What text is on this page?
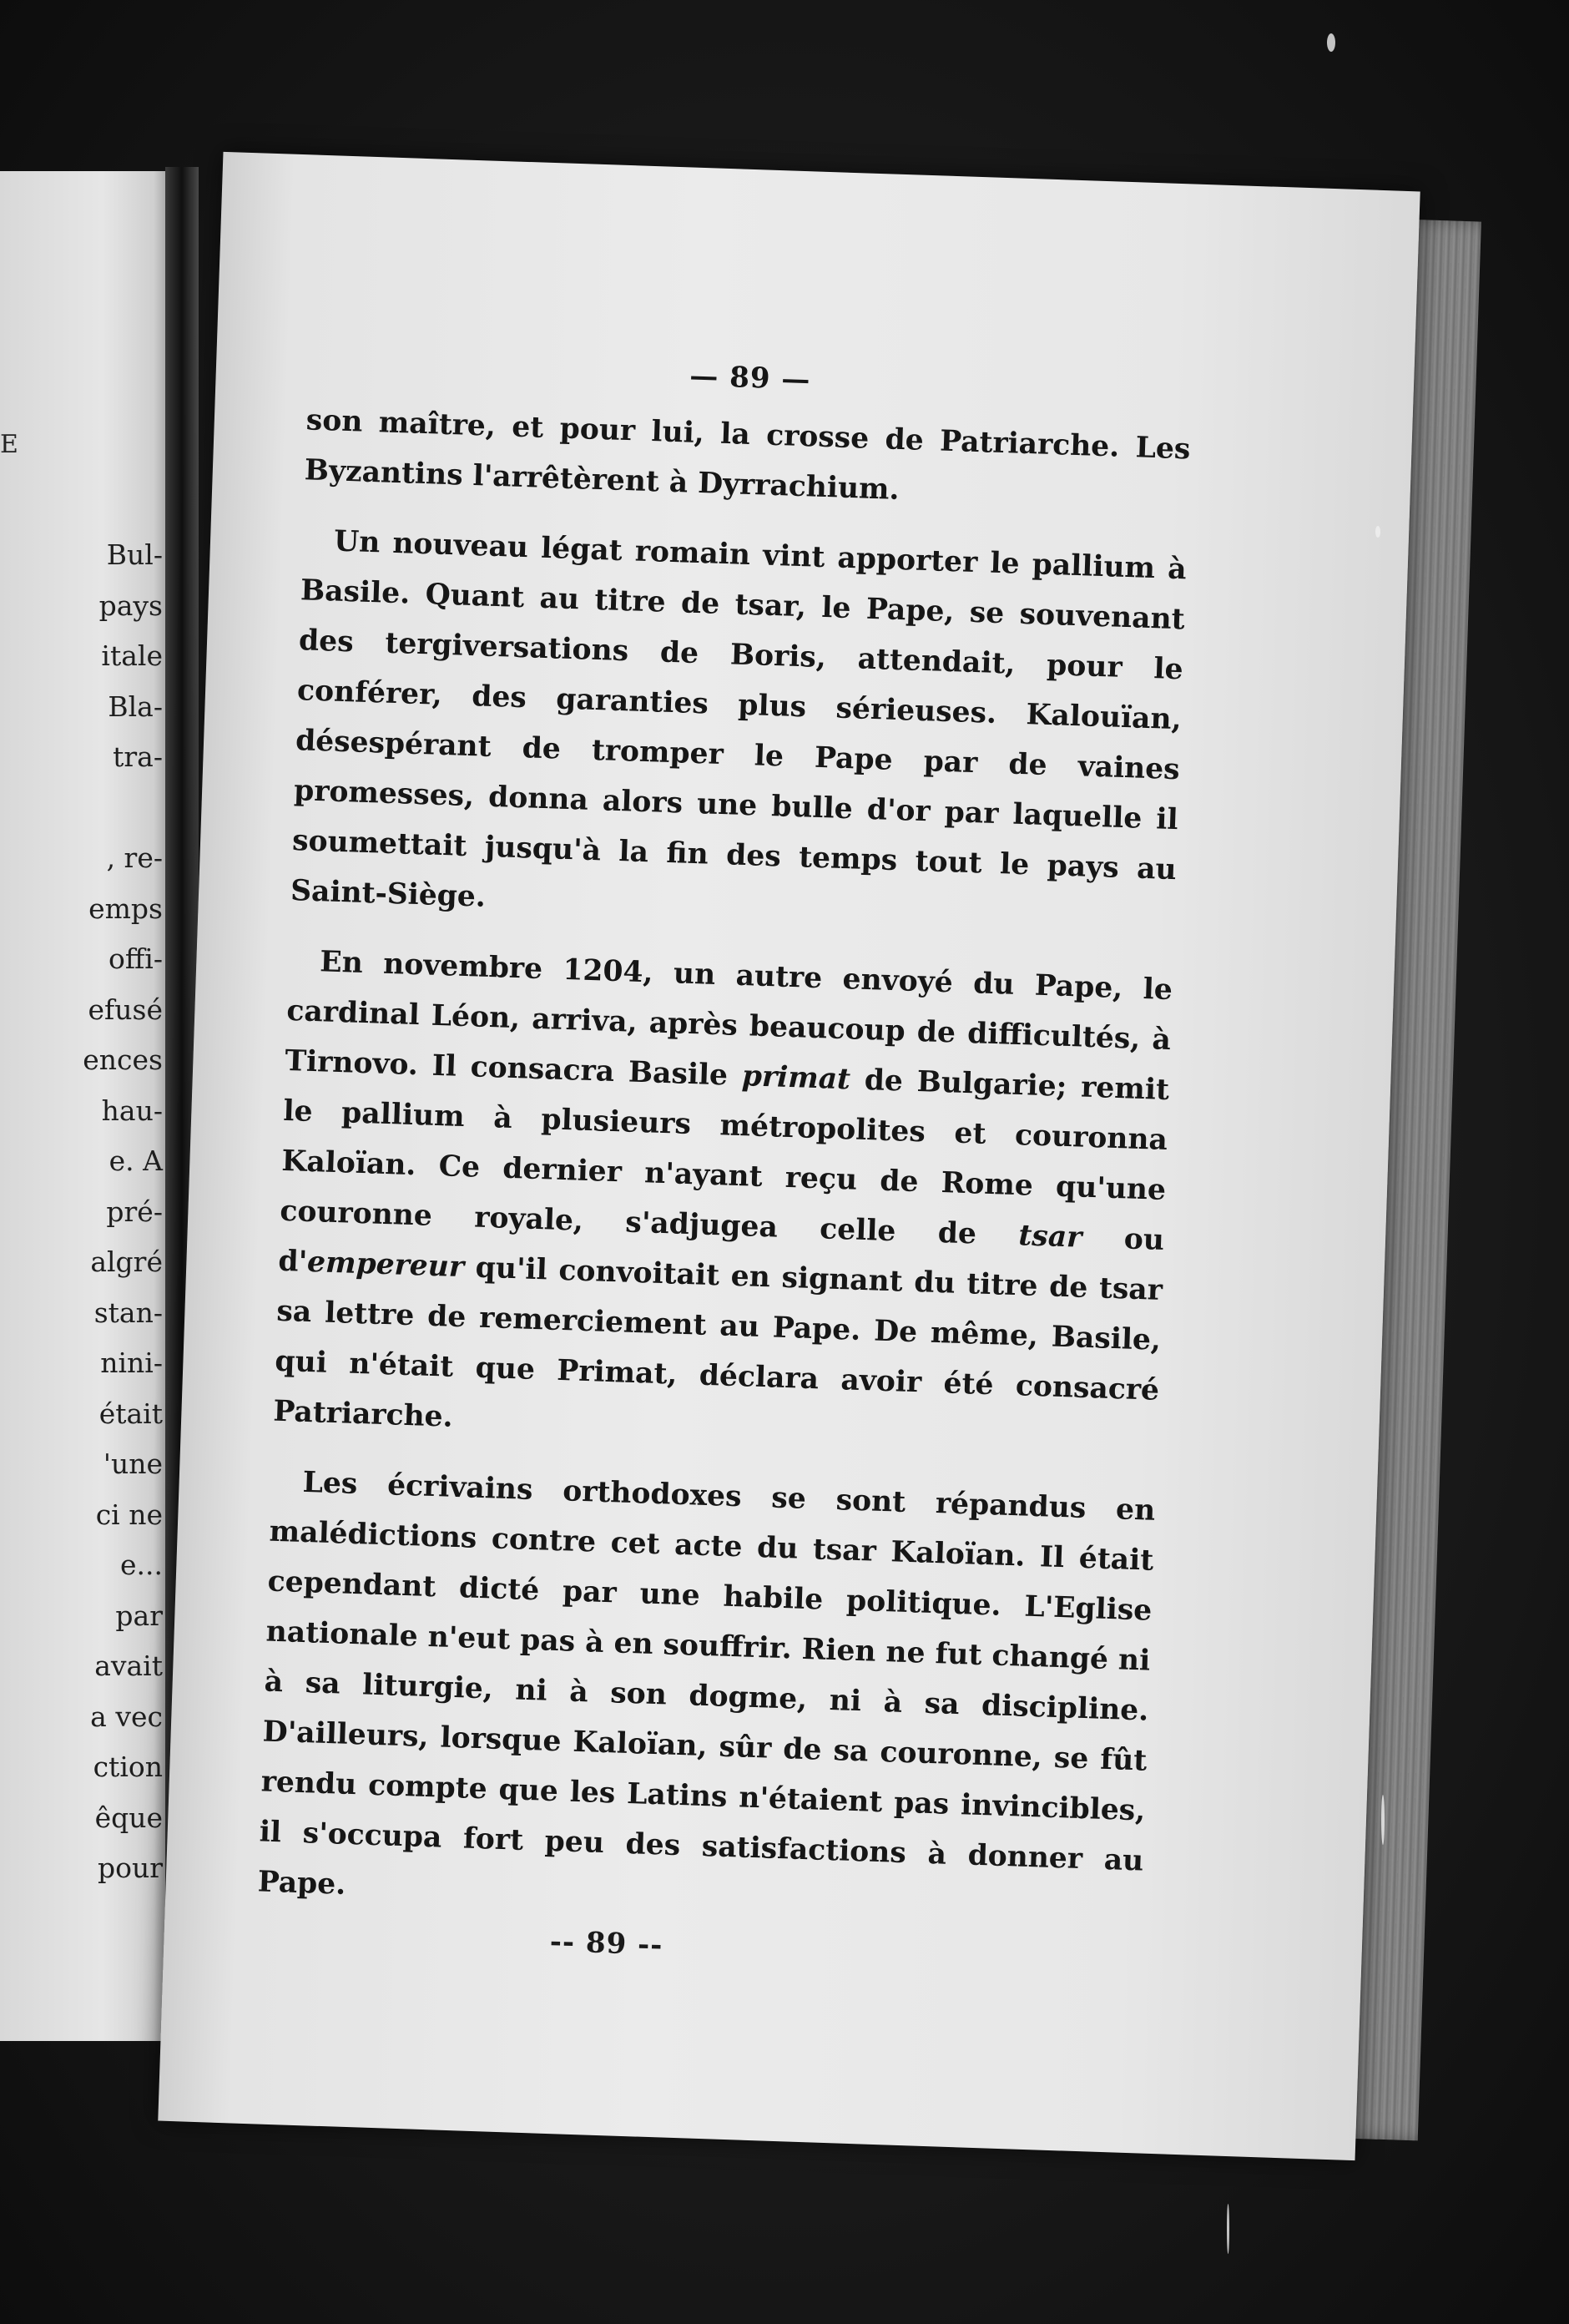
E
Bul-
pays
itale
Bla-
tra-

, re-
emps
offi-
efusé
ences
hau-
e. A
pré-
algré
stan-
nini-
était
'une
ci ne
e...
par
avait
a vec
ction
êque
pour
— 89 —

son maître, et pour lui, la crosse de Patriarche. Les Byzantins l'arrêtèrent à Dyrrachium.

Un nouveau légat romain vint apporter le pallium à Basile. Quant au titre de tsar, le Pape, se souvenant des tergiversations de Boris, attendait, pour le conférer, des garanties plus sérieuses. Kalouïan, désespérant de tromper le Pape par de vaines promesses, donna alors une bulle d'or par laquelle il soumettait jusqu'à la fin des temps tout le pays au Saint-Siège.

En novembre 1204, un autre envoyé du Pape, le cardinal Léon, arriva, après beaucoup de difficultés, à Tirnovo. Il consacra Basile primat de Bulgarie; remit le pallium à plusieurs métropolites et couronna Kaloïan. Ce dernier n'ayant reçu de Rome qu'une couronne royale, s'adjugea celle de tsar ou d'empereur qu'il convoitait en signant du titre de tsar sa lettre de remerciement au Pape. De même, Basile, qui n'était que Primat, déclara avoir été consacré Patriarche.

Les écrivains orthodoxes se sont répandus en malédictions contre cet acte du tsar Kaloïan. Il était cependant dicté par une habile politique. L'Eglise nationale n'eut pas à en souffrir. Rien ne fut changé ni à sa liturgie, ni à son dogme, ni à sa discipline. D'ailleurs, lorsque Kaloïan, sûr de sa couronne, se fût rendu compte que les Latins n'étaient pas invincibles, il s'occupa fort peu des satisfactions à donner au Pape.

-- 89 --
